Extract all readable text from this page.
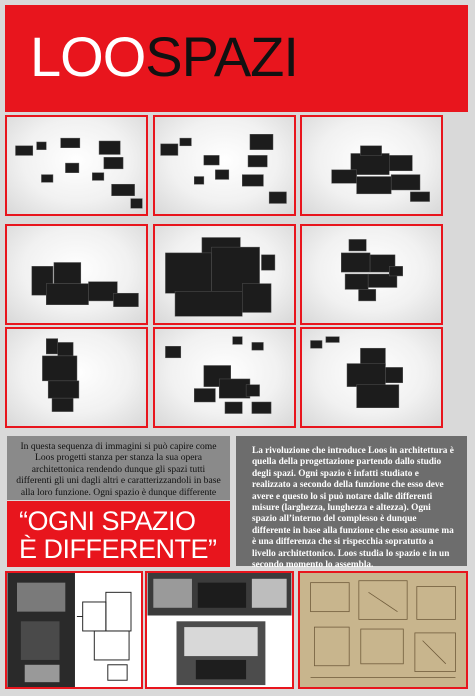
LOOSPAZI

In questa sequenza di immagini si può capire come Loos progetti stanza per stanza la sua opera architettonica rendendo dunque gli spazi tutti differenti gli uni dagli altri e caratterizzandoli in base alla loro funzione. Ogni spazio è dunque differente

“OGNI SPAZIO
È DIFFERENTE”

La rivoluzione che introduce Loos in architettura è quella della progettazione partendo dallo studio degli spazi. Ogni spazio è infatti studiato e realizzato a secondo della funzione che esso deve avere e questo lo si può notare dalle differenti misure (larghezza, lunghezza e altezza). Ogni spazio all’interno del complesso è dunque differente in base alla funzione che esso assume ma è una differenza che si rispecchia sopratutto a livello architettonico. Loos studia lo spazio e in un secondo momento lo assembla.
